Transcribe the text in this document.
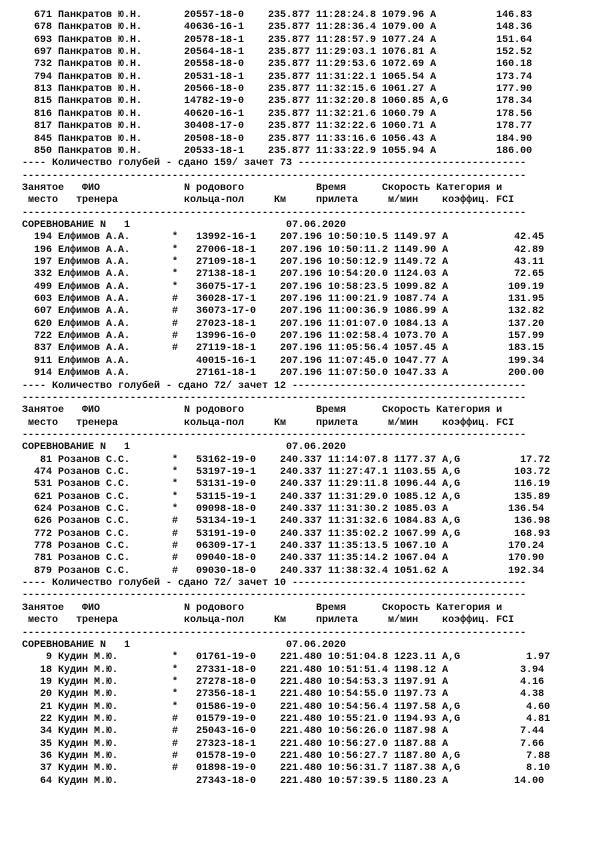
671 Панкратов Ю.Н.       20557-18-0    235.877 11:28:24.8 1079.96 А          146.83
678 Панкратов Ю.Н.       40636-16-1    235.877 11:28:36.4 1079.00 А          148.36
693 Панкратов Ю.Н.       20578-18-1    235.877 11:28:57.9 1077.24 А          151.64
697 Панкратов Ю.Н.       20564-18-1    235.877 11:29:03.1 1076.81 А          152.52
732 Панкратов Ю.Н.       20558-18-0    235.877 11:29:53.6 1072.69 А          160.18
794 Панкратов Ю.Н.       20531-18-1    235.877 11:31:22.1 1065.54 А          173.74
813 Панкратов Ю.Н.       20566-18-0    235.877 11:32:15.6 1061.27 А          177.90
815 Панкратов Ю.Н.       14782-19-0    235.877 11:32:20.8 1060.85 А,G        178.34
816 Панкратов Ю.Н.       40620-16-1    235.877 11:32:21.6 1060.79 А          178.56
817 Панкратов Ю.Н.       30408-17-0    235.877 11:32:22.6 1060.71 А          178.77
845 Панкратов Ю.Н.       20508-18-0    235.877 11:33:16.6 1056.43 А          184.90
850 Панкратов Ю.Н.       20533-18-1    235.877 11:33:22.9 1055.94 А          186.00
---- Количество голубей - сдано 159/ зачет 73 --------------------------------------
------------------------------------------------------------------------------------
Занятое   ФИО              N родового            Время      Скорость Категория и
место   тренера           кольца-пол     Км     прилета     м/мин    коэффиц. FCI
------------------------------------------------------------------------------------
СОРЕВНОВАНИЕ N   1                          07.06.2020
194 Елфимов А.А.       *   13992-16-1    207.196 10:50:10.5 1149.97 А           42.45
196 Елфимов А.А.       *   27006-18-1    207.196 10:50:11.2 1149.90 А           42.89
197 Елфимов А.А.       *   27109-18-1    207.196 10:50:12.9 1149.72 А           43.11
332 Елфимов А.А.       *   27138-18-1    207.196 10:54:20.0 1124.03 А           72.65
499 Елфимов А.А.       *   36075-17-1    207.196 10:58:23.5 1099.82 А          109.19
603 Елфимов А.А.       #   36028-17-1    207.196 11:00:21.9 1087.74 А          131.95
607 Елфимов А.А.       #   36073-17-0    207.196 11:00:36.9 1086.99 А          132.82
620 Елфимов А.А.       #   27023-18-1    207.196 11:01:07.0 1084.13 А          137.20
722 Елфимов А.А.       #   13996-16-0    207.196 11:02:58.4 1073.70 А          157.99
837 Елфимов А.А.       #   27119-18-1    207.196 11:05:56.4 1057.45 А          183.15
911 Елфимов А.А.           40015-16-1    207.196 11:07:45.0 1047.77 А          199.34
914 Елфимов А.А.           27161-18-1    207.196 11:07:50.0 1047.33 А          200.00
---- Количество голубей - сдано 72/ зачет 12 ---------------------------------------
------------------------------------------------------------------------------------
Занятое   ФИО              N родового            Время      Скорость Категория и
место   тренера           кольца-пол     Км     прилета     м/мин    коэффиц. FCI
------------------------------------------------------------------------------------
СОРЕВНОВАНИЕ N   1                          07.06.2020
81 Розанов С.С.       *   53162-19-0    240.337 11:14:07.8 1177.37 А,G          17.72
474 Розанов С.С.       *   53197-19-1    240.337 11:27:47.1 1103.55 А,G         103.72
531 Розанов С.С.       *   53131-19-0    240.337 11:29:11.8 1096.44 А,G         116.19
621 Розанов С.С.       *   53115-19-1    240.337 11:31:29.0 1085.12 А,G         135.89
624 Розанов С.С.       *   09098-18-0    240.337 11:31:30.2 1085.03 А          136.54
626 Розанов С.С.       #   53134-19-1    240.337 11:31:32.6 1084.83 А,G         136.98
772 Розанов С.С.       #   53191-19-0    240.337 11:35:02.2 1067.99 А,G         168.93
778 Розанов С.С.       #   06309-17-1    240.337 11:35:13.5 1067.10 А          170.24
781 Розанов С.С.       #   09040-18-0    240.337 11:35:14.2 1067.04 А          170.90
879 Розанов С.С.       #   09030-18-0    240.337 11:38:32.4 1051.62 А          192.34
---- Количество голубей - сдано 72/ зачет 10 ---------------------------------------
------------------------------------------------------------------------------------
Занятое   ФИО              N родового            Время      Скорость Категория и
место   тренера           кольца-пол     Км     прилета     м/мин    коэффиц. FCI
------------------------------------------------------------------------------------
СОРЕВНОВАНИЕ N   1                          07.06.2020
9 Кудин М.Ю.         *   01761-19-0    221.480 10:51:04.8 1223.11 А,G           1.97
18 Кудин М.Ю.         *   27331-18-0    221.480 10:51:51.4 1198.12 А            3.94
19 Кудин М.Ю.         *   27278-18-0    221.480 10:54:53.3 1197.91 А            4.16
20 Кудин М.Ю.         *   27356-18-1    221.480 10:54:55.0 1197.73 А            4.38
21 Кудин М.Ю.         *   01586-19-0    221.480 10:54:56.4 1197.58 А,G           4.60
22 Кудин М.Ю.         #   01579-19-0    221.480 10:55:21.0 1194.93 А,G           4.81
34 Кудин М.Ю.         #   25043-16-0    221.480 10:56:26.0 1187.98 А            7.44
35 Кудин М.Ю.         #   27323-18-1    221.480 10:56:27.0 1187.88 А            7.66
36 Кудин М.Ю.         #   01578-19-0    221.480 10:56:27.7 1187.80 А,G           7.88
37 Кудин М.Ю.         #   01898-19-0    221.480 10:56:31.7 1187.38 А,G           8.10
64 Кудин М.Ю.             27343-18-0    221.480 10:57:39.5 1180.23 А           14.00
